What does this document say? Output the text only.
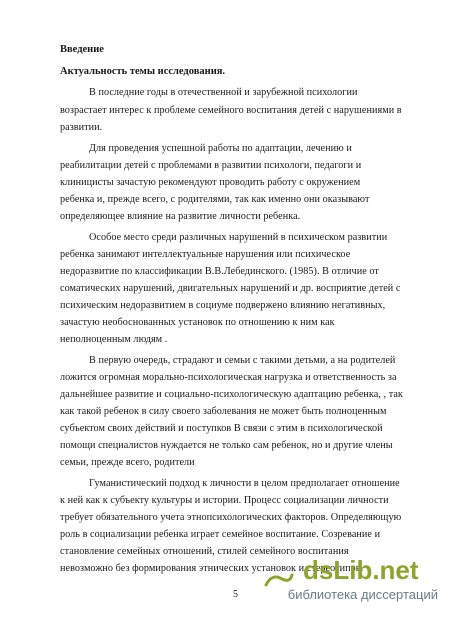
Введение
Актуальность темы исследования.
В последние годы в отечественной и зарубежной психологии
возрастает интерес к проблеме семейного воспитания детей с нарушениями в
развитии.
Для проведения успешной работы по адаптации, лечению и
реабилитации детей с проблемами в развитии психологи, педагоги и
клиницисты зачастую рекомендуют проводить работу с окружением
ребенка и, прежде всего, с родителями, так как именно они оказывают
определяющее влияние на развитие личности ребенка.
Особое место среди различных нарушений в психическом развитии
ребенка занимают интеллектуальные нарушения или психическое
недоразвитие по классификации В.В.Лебединского. (1985). В отличие от
соматических нарушений, двигательных нарушений и др. восприятие детей с
психическим недоразвитием в социуме подвержено влиянию негативных,
зачастую необоснованных установок по отношению к ним как
неполноценным людям .
В первую очередь, страдают и семьи с такими детьми, а на родителей
ложится огромная морально-психологическая нагрузка и ответственность за
дальнейшее развитие и социально-психологическую адаптацию ребенка, , так
как такой ребенок в силу своего заболевания не может быть полноценным
субъектом своих действий и поступков В связи с этим в психологической
помощи специалистов нуждается не только сам ребенок, но и другие члены
семьи, прежде всего, родители
Гуманистический подход к личности в целом предполагает отношение
к ней как к субъекту культуры и истории. Процесс социализации личности
требует обязательного учета этнопсихологических факторов. Определяющую
роль в социализации ребенка играет семейное воспитание. Созревание и
становление семейных отношений, стилей семейного воспитания
невозможно без формирования этнических установок и стереотипов.
5
dsLib.net
библиотека диссертаций
